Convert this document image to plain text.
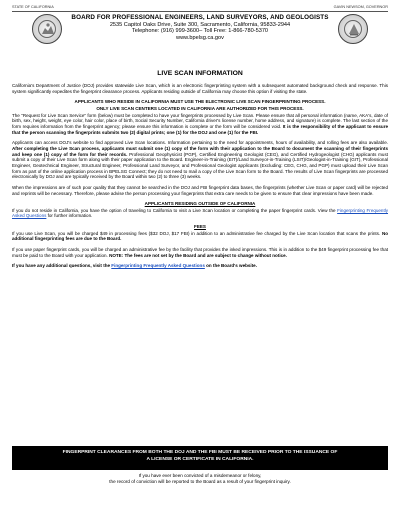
STATE OF CALIFORNIA	GAVIN NEWSOM, GOVERNOR
BOARD FOR PROFESSIONAL ENGINEERS, LAND SURVEYORS, AND GEOLOGISTS
2535 Capitol Oaks Drive, Suite 300, Sacramento, California, 95833-2944
Telephone: (916) 999-3600– Toll Free: 1-866-780-5370
www.bpelsg.ca.gov
LIVE SCAN INFORMATION

California's Department of Justice (DOJ) provides statewide Live Scan, which is an electronic fingerprinting system with a subsequent automated background check and response. This system significantly expedites the fingerprint clearance process. Applicants residing outside of California may choose this option if visiting the state.

APPLICANTS WHO RESIDE IN CALIFORNIA MUST USE THE ELECTRONIC LIVE SCAN FINGERPRINTING PROCESS.
ONLY LIVE SCAN CENTERS LOCATED IN CALIFORNIA ARE AUTHORIZED FOR THIS PROCESS.

The "Request for Live Scan Service" form (below) must be completed to have your fingerprints processed by Live Scan. Please ensure that all personal information (name, AKA's, date of birth, sex, height, weight, eye color, hair color, place of birth, Social Security Number, California driver's license number, home address, and signature) is complete. The last section of the form requires information from the fingerprint agency; please ensure this information is complete or the form will be considered void. It is the responsibility of the applicant to ensure that the person scanning the fingerprints submits two (2) digital prints; one (1) for the DOJ and one (1) for the FBI.

Applicants can access DOJ's website to find approved Live Scan locations. Information pertaining to the need for appointments, hours of availability, and rolling fees are also available. After completing the Live Scan process, applicants must submit one (1) copy of the form with their application to the Board to document the scanning of their fingerprints and keep one (1) copy of the form for their records. Professional Geophysicist (PGP), Certified Engineering Geologist (CEG), and Certified Hydrogeologist (CHG) applicants must submit a copy of their Live Scan form along with their paper application to the Board. Engineer-in-Training (EIT)/Land Surveyor-in-Training (LSIT)/Geologist-in-Training (GIT), Professional Engineer, Geotechnical Engineer, Structural Engineer, Professional Land Surveyor, and Professional Geologist applicants (Excluding: CEG, CHG, and PGP) must upload their Live Scan form as part of the online application process in BPELSG Connect; they do not need to mail a copy of the Live Scan form to the Board. The results of Live Scan fingerprints are processed electronically by DOJ and are typically received by the Board within two (2) to three (3) weeks.

When the impressions are of such poor quality that they cannot be searched in the DOJ and FBI fingerprint data bases, the fingerprints (whether Live Scan or paper card) will be rejected and reprints will be necessary. Therefore, please advise the person processing your fingerprints that extra care needs to be given to ensure that clear impressions have been made.

APPLICANTS RESIDING OUTSIDE OF CALIFORNIA

If you do not reside in California, you have the option of traveling to California to visit a Live Scan location or completing the paper fingerprint cards. View the Fingerprinting Frequently Asked Questions for further information.

FEES

If you use Live Scan, you will be charged $49 in processing fees ($32 DOJ, $17 FBI) in addition to an administrative fee charged by the Live Scan location that scans the prints. No additional fingerprinting fees are due to the Board.

If you use paper fingerprint cards, you will be charged an administrative fee by the facility that provides the inked impressions. This is in addition to the $49 fingerprint processing fee that must be paid to the Board with your application. NOTE: The fees are not set by the Board and are subject to change without notice.

If you have any additional questions, visit the Fingerprinting Frequently Asked Questions on the Board's website.

FINGERPRINT CLEARANCES FROM BOTH THE DOJ AND THE FBI MUST BE RECEIVED PRIOR TO THE ISSUANCE OF
A LICENSE OR CERTIFICATE IN CALIFORNIA.
If you have ever been convicted of a misdemeanor or felony,
the record of conviction will be reported to the Board as a result of your fingerprint inquiry.
